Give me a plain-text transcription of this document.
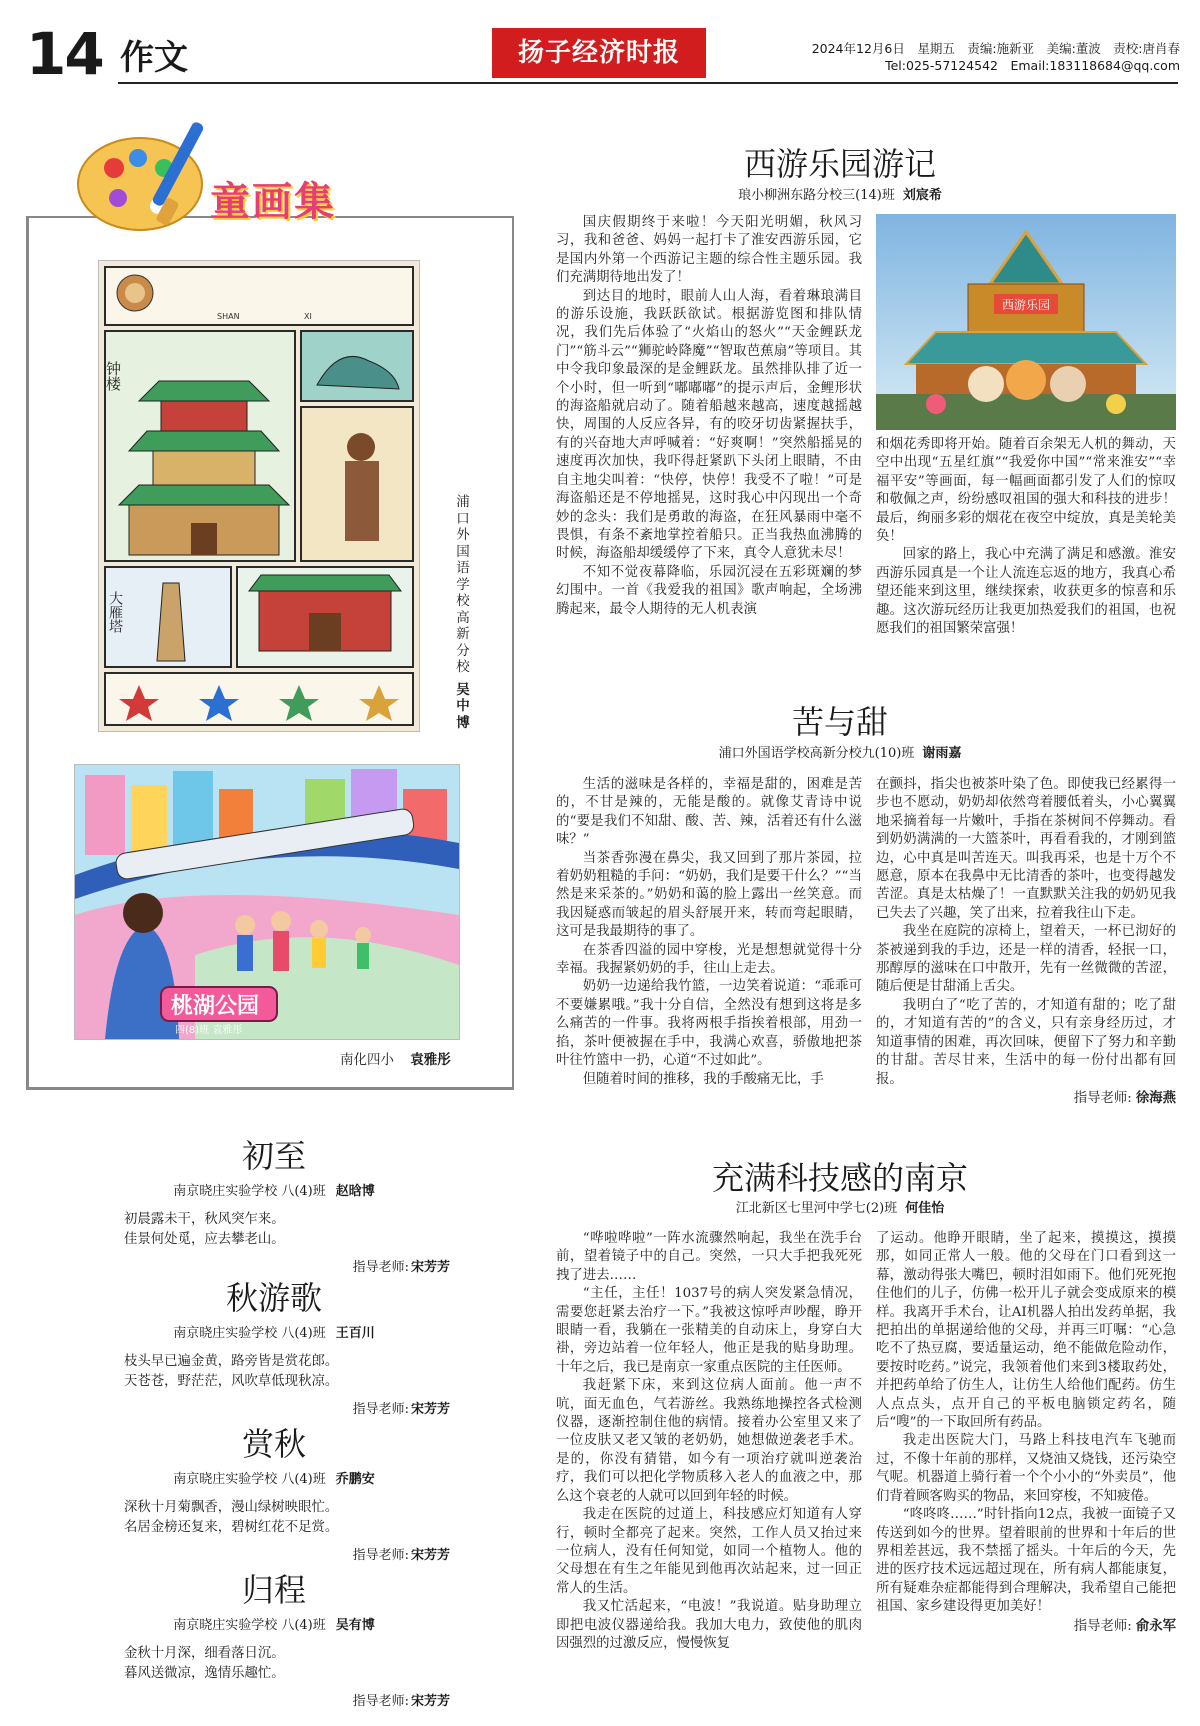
14 作文	扬子经济时报	2024年12月6日　星期五　责编:施新亚　美编:董波　责校:唐肖春
Tel:025-57124542　Email:183118684@qq.com
童画集
SHAN	XI
钟楼
大雁塔
浦口外国语学校高新分校
吴中博
桃湖公园
四(8)班 袁雅彤
南化四小 袁雅彤
西游乐园游记
琅小柳洲东路分校三(14)班 刘宸希

国庆假期终于来啦！今天阳光明媚，秋风习习，我和爸爸、妈妈一起打卡了淮安西游乐园，它是国内外第一个西游记主题的综合性主题乐园。我们充满期待地出发了！

到达目的地时，眼前人山人海，看着琳琅满目的游乐设施，我跃跃欲试。根据游览图和排队情况，我们先后体验了“火焰山的怒火”“天金鲤跃龙门”“筋斗云”“狮驼岭降魔”“智取芭蕉扇”等项目。其中令我印象最深的是金鲤跃龙。虽然排队排了近一个小时，但一听到“嘟嘟嘟”的提示声后，金鲤形状的海盗船就启动了。随着船越来越高，速度越摇越快，周围的人反应各异，有的咬牙切齿紧握扶手，有的兴奋地大声呼喊着：“好爽啊！”突然船摇晃的速度再次加快，我吓得赶紧趴下头闭上眼睛，不由自主地尖叫着：“快停，快停！我受不了啦！”可是海盗船还是不停地摇晃，这时我心中闪现出一个奇妙的念头：我们是勇敢的海盗，在狂风暴雨中毫不畏惧，有条不紊地掌控着船只。正当我热血沸腾的时候，海盗船却缓缓停了下来，真令人意犹未尽！

不知不觉夜幕降临，乐园沉浸在五彩斑斓的梦幻围中。一首《我爱我的祖国》歌声响起，全场沸腾起来，最令人期待的无人机表演

西游乐园

和烟花秀即将开始。随着百余架无人机的舞动，天空中出现“五星红旗”“我爱你中国”“常来淮安”“幸福平安”等画面，每一幅画面都引发了人们的惊叹和敬佩之声，纷纷感叹祖国的强大和科技的进步！最后，绚丽多彩的烟花在夜空中绽放，真是美轮美奂！

回家的路上，我心中充满了满足和感激。淮安西游乐园真是一个让人流连忘返的地方，我真心希望还能来到这里，继续探索，收获更多的惊喜和乐趣。这次游玩经历让我更加热爱我们的祖国，也祝愿我们的祖国繁荣富强！

苦与甜
浦口外国语学校高新分校九(10)班 谢雨嘉

生活的滋味是各样的，幸福是甜的，困难是苦的，不甘是辣的，无能是酸的。就像艾青诗中说的“要是我们不知甜、酸、苦、辣，活着还有什么滋味？”

当茶香弥漫在鼻尖，我又回到了那片茶园，拉着奶奶粗糙的手问：“奶奶，我们是要干什么？”“当然是来采茶的。”奶奶和蔼的脸上露出一丝笑意。而我因疑惑而皱起的眉头舒展开来，转而弯起眼睛，这可是我最期待的事了。

在茶香四溢的园中穿梭，光是想想就觉得十分幸福。我握紧奶奶的手，往山上走去。

奶奶一边递给我竹篮，一边笑着说道：“乖乖可不要嫌累哦。”我十分自信，全然没有想到这将是多么痛苦的一件事。我将两根手指挨着根部，用劲一掐，茶叶便被握在手中，我满心欢喜，骄傲地把茶叶往竹篮中一扔，心道“不过如此”。

但随着时间的推移，我的手酸痛无比，手

在颤抖，指尖也被茶叶染了色。即使我已经累得一步也不愿动，奶奶却依然弯着腰低着头，小心翼翼地采摘着每一片嫩叶，手指在茶树间不停舞动。看到奶奶满满的一大篮茶叶，再看看我的，才刚到篮边，心中真是叫苦连天。叫我再采，也是十万个不愿意，原本在我鼻中无比清香的茶叶，也变得越发苦涩。真是太枯燥了！一直默默关注我的奶奶见我已失去了兴趣，笑了出来，拉着我往山下走。

我坐在庭院的凉椅上，望着天，一杯已沏好的茶被递到我的手边，还是一样的清香，轻抿一口，那醇厚的滋味在口中散开，先有一丝微微的苦涩，随后便是甘甜涌上舌尖。

我明白了“吃了苦的，才知道有甜的；吃了甜的，才知道有苦的”的含义，只有亲身经历过，才知道事情的困难，再次回味，便留下了努力和辛勤的甘甜。苦尽甘来，生活中的每一份付出都有回报。

指导老师: 徐海燕
充满科技感的南京
江北新区七里河中学七(2)班 何佳怡

“哗啦哗啦”一阵水流骤然响起，我坐在洗手台前，望着镜子中的自己。突然，一只大手把我死死拽了进去……

“主任，主任！1037号的病人突发紧急情况，需要您赶紧去治疗一下。”我被这惊呼声吵醒，睁开眼睛一看，我躺在一张精美的自动床上，身穿白大褂，旁边站着一位年轻人，他正是我的贴身助理。十年之后，我已是南京一家重点医院的主任医师。

我赶紧下床，来到这位病人面前。他一声不吭，面无血色，气若游丝。我熟练地操控各式检测仪器，逐渐控制住他的病情。接着办公室里又来了一位皮肤又老又皱的老奶奶，她想做逆袭老手术。是的，你没有猜错，如今有一项治疗就叫逆袭治疗，我们可以把化学物质移入老人的血液之中，那么这个衰老的人就可以回到年轻的时候。

我走在医院的过道上，科技感应灯知道有人穿行，顿时全都亮了起来。突然，工作人员又抬过来一位病人，没有任何知觉，如同一个植物人。他的父母想在有生之年能见到他再次站起来，过一回正常人的生活。

我又忙活起来，“电波！”我说道。贴身助理立即把电波仪器递给我。我加大电力，致使他的肌肉因强烈的过激反应，慢慢恢复

了运动。他睁开眼睛，坐了起来，摸摸这，摸摸那，如同正常人一般。他的父母在门口看到这一幕，激动得张大嘴巴，顿时泪如雨下。他们死死抱住他们的儿子，仿佛一松开儿子就会变成原来的模样。我离开手术台，让AI机器人拍出发药单据，我把拍出的单据递给他的父母，并再三叮嘱：“心急吃不了热豆腐，要适量运动，绝不能做危险动作，要按时吃药。”说完，我领着他们来到3楼取药处，并把药单给了仿生人，让仿生人给他们配药。仿生人点点头，点开自己的平板电脑锁定药名，随后“嗖”的一下取回所有药品。

我走出医院大门，马路上科技电汽车飞驰而过，不像十年前的那样，又烧油又烧钱，还污染空气呢。机器道上骑行着一个个小小的“外卖员”，他们背着顾客购买的物品，来回穿梭，不知疲倦。

“咚咚咚……”时针指向12点，我被一面镜子又传送到如今的世界。望着眼前的世界和十年后的世界相差甚远，我不禁摇了摇头。十年后的今天，先进的医疗技术远远超过现在，所有病人都能康复，所有疑难杂症都能得到合理解决，我希望自己能把祖国、家乡建设得更加美好！

指导老师: 俞永军
初至
南京晓庄实验学校 八(4)班 赵晗博
初晨露未干，秋风突乍来。
佳景何处觅，应去攀老山。
指导老师: 宋芳芳
秋游歌
南京晓庄实验学校 八(4)班 王百川
枝头早已遍金黄，路旁皆是赏花郎。
天苍苍，野茫茫，风吹草低现秋凉。
指导老师: 宋芳芳
赏秋
南京晓庄实验学校 八(4)班 乔鹏安
深秋十月菊飘香，漫山绿树映眼忙。
名居金榜还复来，碧树红花不足赏。
指导老师: 宋芳芳
归程
南京晓庄实验学校 八(4)班 吴有博
金秋十月深，细看落日沉。
暮风送微凉，逸情乐趣忙。
指导老师: 宋芳芳
